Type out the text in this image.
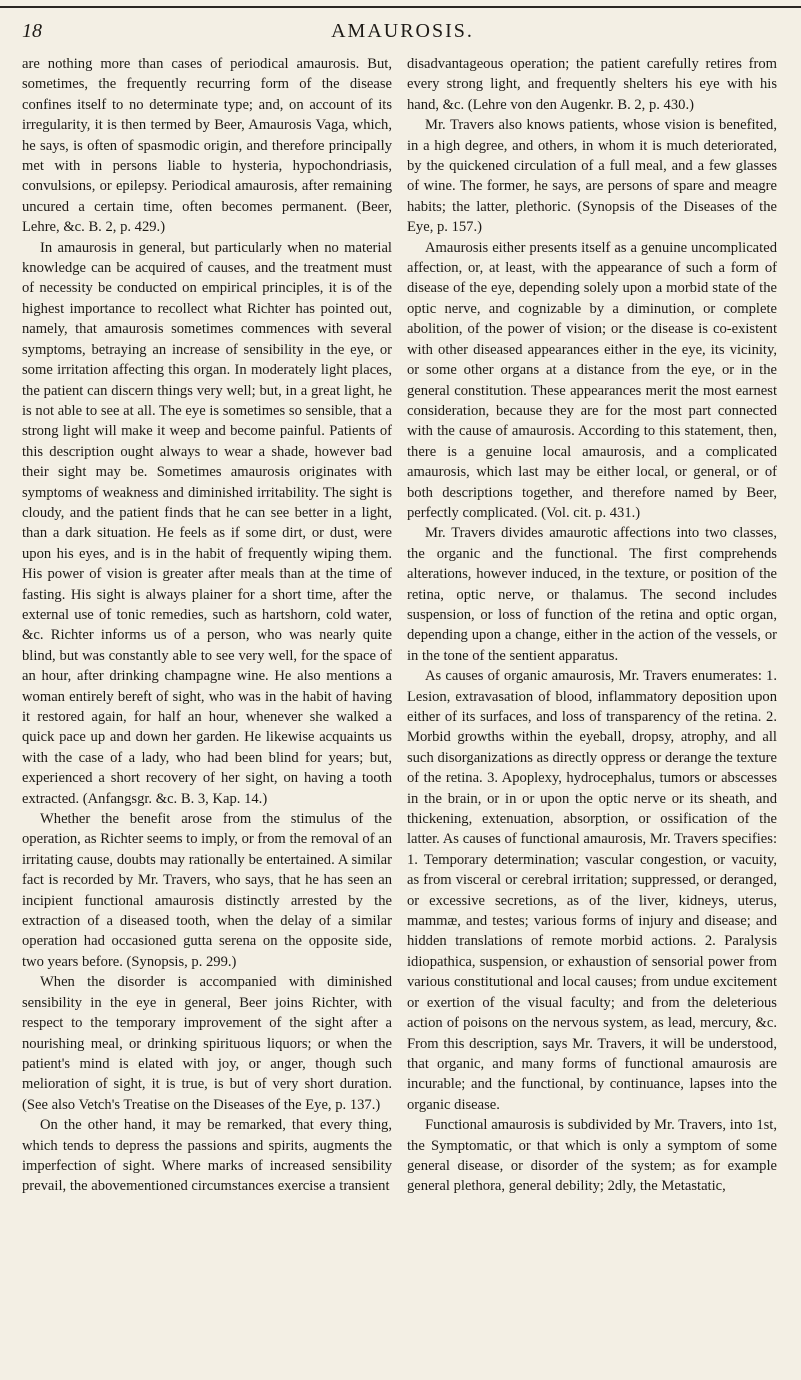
18	AMAUROSIS.

are nothing more than cases of periodical amaurosis. But, sometimes, the frequently recurring form of the disease confines itself to no determinate type; and, on account of its irregularity, it is then termed by Beer, Amaurosis Vaga, which, he says, is often of spasmodic origin, and therefore principally met with in persons liable to hysteria, hypochondriasis, convulsions, or epilepsy. Periodical amaurosis, after remaining uncured a certain time, often becomes permanent. (Beer, Lehre, &c. B. 2, p. 429.)

In amaurosis in general, but particularly when no material knowledge can be acquired of causes, and the treatment must of necessity be conducted on empirical principles, it is of the highest importance to recollect what Richter has pointed out, namely, that amaurosis sometimes commences with several symptoms, betraying an increase of sensibility in the eye, or some irritation affecting this organ. In moderately light places, the patient can discern things very well; but, in a great light, he is not able to see at all. The eye is sometimes so sensible, that a strong light will make it weep and become painful. Patients of this description ought always to wear a shade, however bad their sight may be. Sometimes amaurosis originates with symptoms of weakness and diminished irritability. The sight is cloudy, and the patient finds that he can see better in a light, than a dark situation. He feels as if some dirt, or dust, were upon his eyes, and is in the habit of frequently wiping them. His power of vision is greater after meals than at the time of fasting. His sight is always plainer for a short time, after the external use of tonic remedies, such as hartshorn, cold water, &c. Richter informs us of a person, who was nearly quite blind, but was constantly able to see very well, for the space of an hour, after drinking champagne wine. He also mentions a woman entirely bereft of sight, who was in the habit of having it restored again, for half an hour, whenever she walked a quick pace up and down her garden. He likewise acquaints us with the case of a lady, who had been blind for years; but, experienced a short recovery of her sight, on having a tooth extracted. (Anfangsgr. &c. B. 3, Kap. 14.)

Whether the benefit arose from the stimulus of the operation, as Richter seems to imply, or from the removal of an irritating cause, doubts may rationally be entertained. A similar fact is recorded by Mr. Travers, who says, that he has seen an incipient functional amaurosis distinctly arrested by the extraction of a diseased tooth, when the delay of a similar operation had occasioned gutta serena on the opposite side, two years before. (Synopsis, p. 299.)

When the disorder is accompanied with diminished sensibility in the eye in general, Beer joins Richter, with respect to the temporary improvement of the sight after a nourishing meal, or drinking spirituous liquors; or when the patient's mind is elated with joy, or anger, though such melioration of sight, it is true, is but of very short duration. (See also Vetch's Treatise on the Diseases of the Eye, p. 137.)

On the other hand, it may be remarked, that every thing, which tends to depress the passions and spirits, augments the imperfection of sight. Where marks of increased sensibility prevail, the abovementioned circumstances exercise a transient

disadvantageous operation; the patient carefully retires from every strong light, and frequently shelters his eye with his hand, &c. (Lehre von den Augenkr. B. 2, p. 430.)

Mr. Travers also knows patients, whose vision is benefited, in a high degree, and others, in whom it is much deteriorated, by the quickened circulation of a full meal, and a few glasses of wine. The former, he says, are persons of spare and meagre habits; the latter, plethoric. (Synopsis of the Diseases of the Eye, p. 157.)

Amaurosis either presents itself as a genuine uncomplicated affection, or, at least, with the appearance of such a form of disease of the eye, depending solely upon a morbid state of the optic nerve, and cognizable by a diminution, or complete abolition, of the power of vision; or the disease is co-existent with other diseased appearances either in the eye, its vicinity, or some other organs at a distance from the eye, or in the general constitution. These appearances merit the most earnest consideration, because they are for the most part connected with the cause of amaurosis. According to this statement, then, there is a genuine local amaurosis, and a complicated amaurosis, which last may be either local, or general, or of both descriptions together, and therefore named by Beer, perfectly complicated. (Vol. cit. p. 431.)

Mr. Travers divides amaurotic affections into two classes, the organic and the functional. The first comprehends alterations, however induced, in the texture, or position of the retina, optic nerve, or thalamus. The second includes suspension, or loss of function of the retina and optic organ, depending upon a change, either in the action of the vessels, or in the tone of the sentient apparatus.

As causes of organic amaurosis, Mr. Travers enumerates: 1. Lesion, extravasation of blood, inflammatory deposition upon either of its surfaces, and loss of transparency of the retina. 2. Morbid growths within the eyeball, dropsy, atrophy, and all such disorganizations as directly oppress or derange the texture of the retina. 3. Apoplexy, hydrocephalus, tumors or abscesses in the brain, or in or upon the optic nerve or its sheath, and thickening, extenuation, absorption, or ossification of the latter. As causes of functional amaurosis, Mr. Travers specifies: 1. Temporary determination; vascular congestion, or vacuity, as from visceral or cerebral irritation; suppressed, or deranged, or excessive secretions, as of the liver, kidneys, uterus, mammæ, and testes; various forms of injury and disease; and hidden translations of remote morbid actions. 2. Paralysis idiopathica, suspension, or exhaustion of sensorial power from various constitutional and local causes; from undue excitement or exertion of the visual faculty; and from the deleterious action of poisons on the nervous system, as lead, mercury, &c. From this description, says Mr. Travers, it will be understood, that organic, and many forms of functional amaurosis are incurable; and the functional, by continuance, lapses into the organic disease.

Functional amaurosis is subdivided by Mr. Travers, into 1st, the Symptomatic, or that which is only a symptom of some general disease, or disorder of the system; as for example general plethora, general debility; 2dly, the Metastatic,
